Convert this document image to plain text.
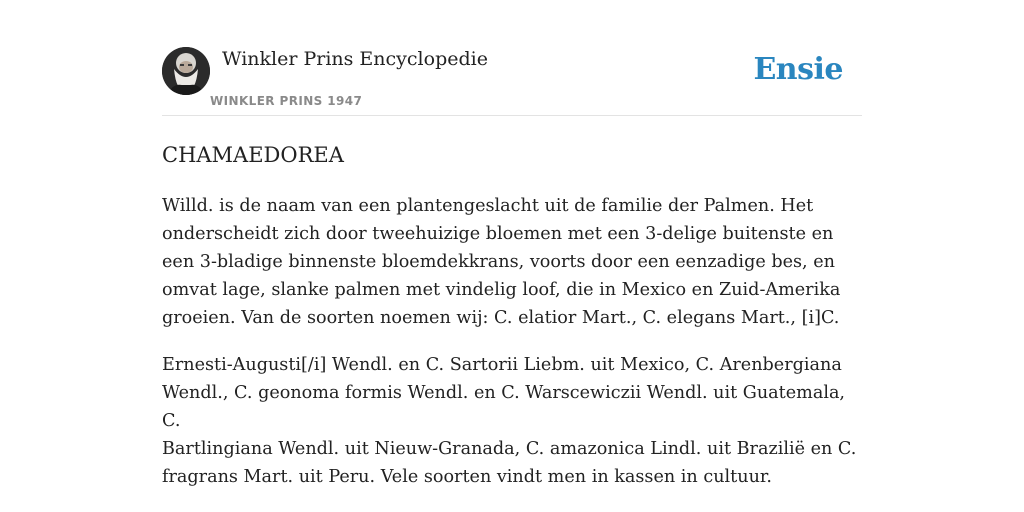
Winkler Prins Encyclopedie
WINKLER PRINS 1947
Ensie
CHAMAEDOREA

Willd. is de naam van een plantengeslacht uit de familie der Palmen. Het onderscheidt zich door tweehuizige bloemen met een 3-delige buitenste en een 3-bladige binnenste bloemdekkrans, voorts door een eenzadige bes, en omvat lage, slanke palmen met vindelig loof, die in Mexico en Zuid-Amerika groeien. Van de soorten noemen wij: C. elatior Mart., C. elegans Mart., [i]C.

Ernesti-Augusti[/i] Wendl. en C. Sartorii Liebm. uit Mexico, C. Arenbergiana Wendl., C. geonoma formis Wendl. en C. Warscewiczii Wendl. uit Guatemala, C.

Bartlingiana Wendl. uit Nieuw-Granada, C. amazonica Lindl. uit Brazilië en C. fragrans Mart. uit Peru. Vele soorten vindt men in kassen in cultuur.
